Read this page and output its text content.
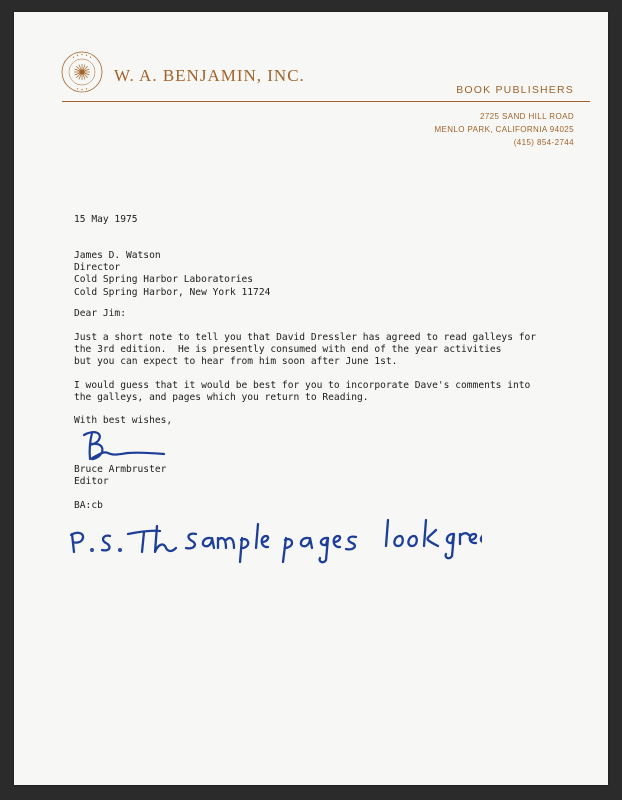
W. A. BENJAMIN, INC.
BOOK PUBLISHERS
2725 SAND HILL ROAD
MENLO PARK, CALIFORNIA 94025
(415) 854-2744
15 May 1975
James D. Watson
Director
Cold Spring Harbor Laboratories
Cold Spring Harbor, New York 11724
Dear Jim:
Just a short note to tell you that David Dressler has agreed to read galleys for
the 3rd edition.  He is presently consumed with end of the year activities
but you can expect to hear from him soon after June 1st.
I would guess that it would be best for you to incorporate Dave's comments into
the galleys, and pages which you return to Reading.
With best wishes,
Bruce Armbruster
Editor
BA:cb
